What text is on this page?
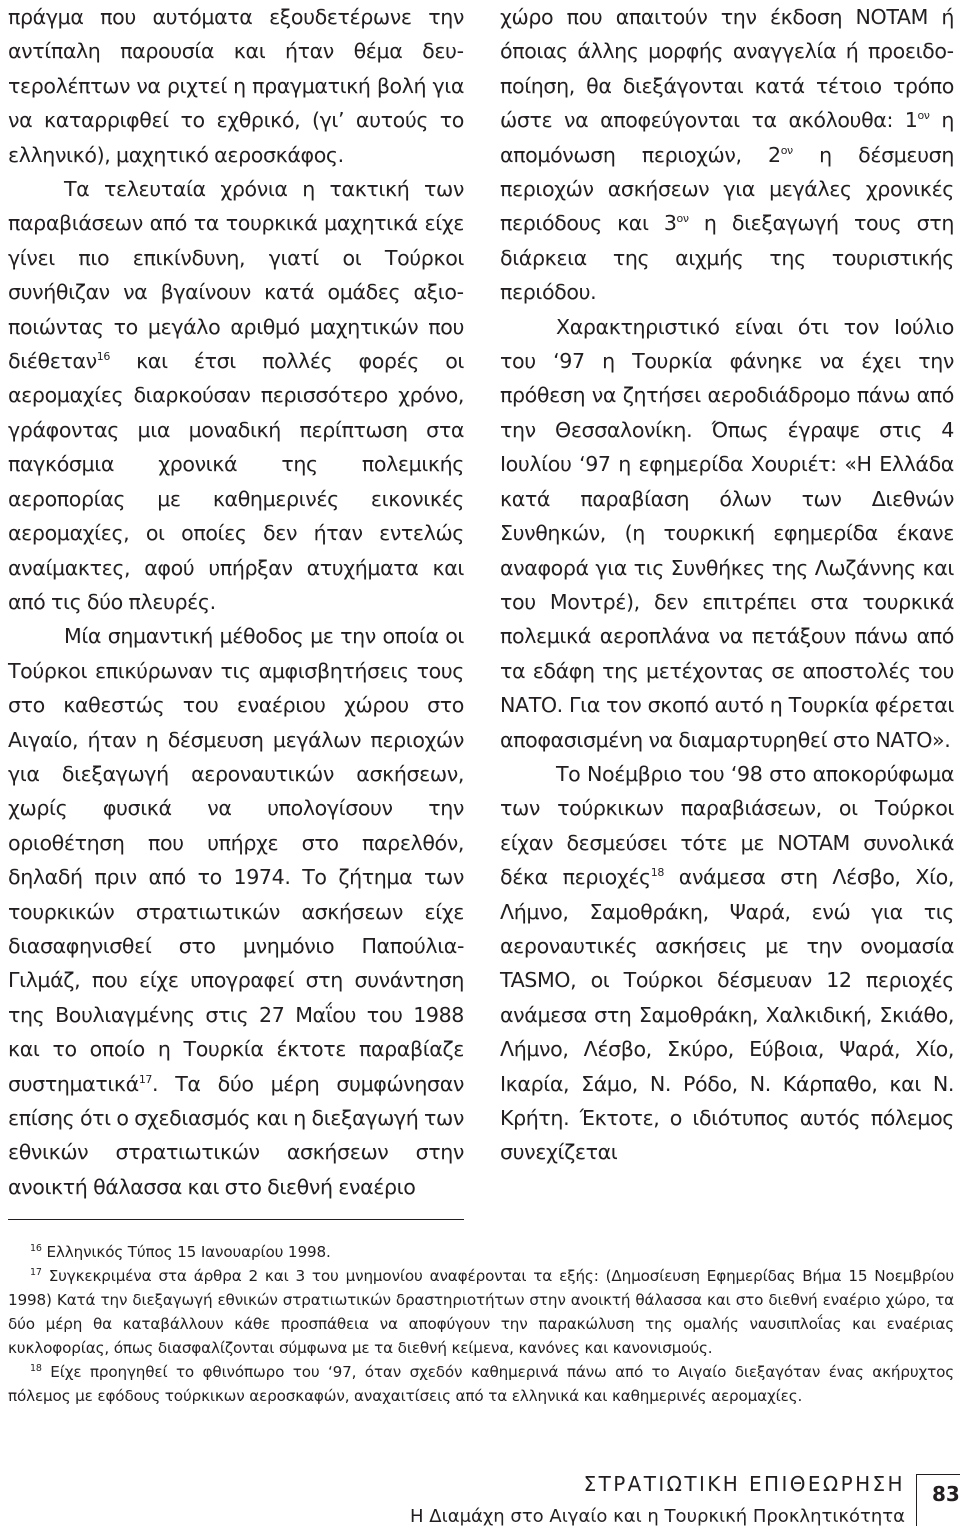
πράγμα που αυτόματα εξουδετέρωνε την αντίπαλη παρουσία και ήταν θέμα δευτερολέπτων να ριχτεί η πραγματική βολή για να καταρριφθεί το εχθρικό, (γι’ αυτούς το ελληνικό), μαχητικό αεροσκάφος.

Τα τελευταία χρόνια η τακτική των παραβιάσεων από τα τουρκικά μαχητικά είχε γίνει πιο επικίνδυνη, γιατί οι Τούρκοι συνήθιζαν να βγαίνουν κατά ομάδες αξιοποιώντας το μεγάλο αριθμό μαχητικών που διέθεταν$^{16}$ και έτσι πολλές φορές οι αερομαχίες διαρκούσαν περισσότερο χρόνο, γράφοντας μια μοναδική περίπτωση στα παγκόσμια χρονικά της πολεμικής αεροπορίας με καθημερινές εικονικές αερομαχίες, οι οποίες δεν ήταν εντελώς αναίμακτες, αφού υπήρξαν ατυχήματα και από τις δύο πλευρές.

Μία σημαντική μέθοδος με την οποία οι Τούρκοι επικύρωναν τις αμφισβητήσεις τους στο καθεστώς του εναέριου χώρου στο Αιγαίο, ήταν η δέσμευση μεγάλων περιοχών για διεξαγωγή αεροναυτικών ασκήσεων, χωρίς φυσικά να υπολογίσουν την οριοθέτηση που υπήρχε στο παρελθόν, δηλαδή πριν από το 1974. Το ζήτημα των τουρκικών στρατιωτικών ασκήσεων είχε διασαφηνισθεί στο μνημόνιο Παπούλια-Γιλμάζ, που είχε υπογραφεί στη συνάντηση της Βουλιαγμένης στις 27 Μαΐου του 1988 και το οποίο η Τουρκία έκτοτε παραβίαζε συστηματικά$^{17}$. Τα δύο μέρη συμφώνησαν επίσης ότι ο σχεδιασμός και η διεξαγωγή των εθνικών στρατιωτικών ασκήσεων στην ανοικτή θάλασσα και στο διεθνή εναέριο

χώρο που απαιτούν την έκδοση NOTAM ή όποιας άλλης μορφής αναγγελία ή προειδοποίηση, θα διεξάγονται κατά τέτοιο τρόπο ώστε να αποφεύγονται τα ακόλουθα: $1^{o\nu}$ η απομόνωση περιοχών, $2^{o\nu}$ η δέσμευση περιοχών ασκήσεων για μεγάλες χρονικές περιόδους και $3^{o\nu}$ η διεξαγωγή τους στη διάρκεια της αιχμής της τουριστικής περιόδου.

Χαρακτηριστικό είναι ότι τον Ιούλιο του ‘97 η Τουρκία φάνηκε να έχει την πρόθεση να ζητήσει αεροδιάδρομο πάνω από την Θεσσαλονίκη. Όπως έγραψε στις 4 Ιουλίου ‘97 η εφημερίδα Χουριέτ: «Η Ελλάδα κατά παραβίαση όλων των Διεθνών Συνθηκών, (η τουρκική εφημερίδα έκανε αναφορά για τις Συνθήκες της Λωζάννης και του Μοντρέ), δεν επιτρέπει στα τουρκικά πολεμικά αεροπλάνα να πετάξουν πάνω από τα εδάφη της μετέχοντας σε αποστολές του ΝΑΤΟ. Για τον σκοπό αυτό η Τουρκία φέρεται αποφασισμένη να διαμαρτυρηθεί στο ΝΑΤΟ».

Το Νοέμβριο του ‘98 στο αποκορύφωμα των τούρκικων παραβιάσεων, οι Τούρκοι είχαν δεσμεύσει τότε με NOTAM συνολικά δέκα περιοχές$^{18}$ ανάμεσα στη Λέσβο, Χίο, Λήμνο, Σαμοθράκη, Ψαρά, ενώ για τις αεροναυτικές ασκήσεις με την ονομασία TASMO, οι Τούρκοι δέσμευαν 12 περιοχές ανάμεσα στη Σαμοθράκη, Χαλκιδική, Σκιάθο, Λήμνο, Λέσβο, Σκύρο, Εύβοια, Ψαρά, Χίο, Ικαρία, Σάμο, Ν. Ρόδο, Ν. Κάρπαθο, και Ν. Κρήτη. Έκτοτε, ο ιδιότυπος αυτός πόλεμος συνεχίζεται

$^{16}$ Ελληνικός Τύπος 15 Ιανουαρίου 1998.

$^{17}$ Συγκεκριμένα στα άρθρα 2 και 3 του μνημονίου αναφέρονται τα εξής: (Δημοσίευση Εφημερίδας Βήμα 15 Νοεμβρίου 1998) Κατά την διεξαγωγή εθνικών στρατιωτικών δραστηριοτήτων στην ανοικτή θάλασσα και στο διεθνή εναέριο χώρο, τα δύο μέρη θα καταβάλλουν κάθε προσπάθεια να αποφύγουν την παρακώλυση της ομαλής ναυσιπλοΐας και εναέριας κυκλοφορίας, όπως διασφαλίζονται σύμφωνα με τα διεθνή κείμενα, κανόνες και κανονισμούς.

$^{18}$ Είχε προηγηθεί το φθινόπωρο του ‘97, όταν σχεδόν καθημερινά πάνω από το Αιγαίο διεξαγόταν ένας ακήρυχτος πόλεμος με εφόδους τούρκικων αεροσκαφών, αναχαιτίσεις από τα ελληνικά και καθημερινές αερομαχίες.

ΣΤΡΑΤΙΩΤΙΚΗ ΕΠΙΘΕΩΡΗΣΗ
Η Διαμάχη στο Αιγαίο και η Τουρκική Προκλητικότητα
83
